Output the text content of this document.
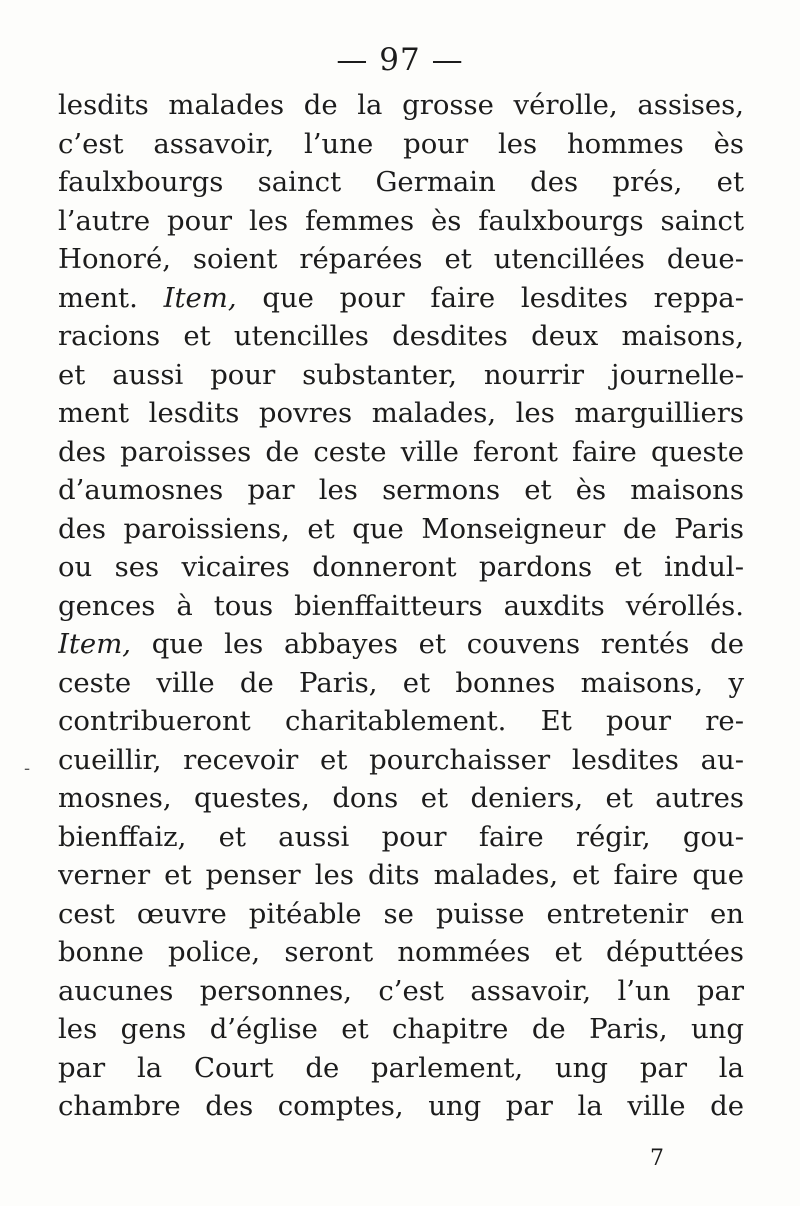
— 97 —
-
lesdits malades de la grosse vérolle, assises,
c’est assavoir, l’une pour les hommes ès
faulxbourgs sainct Germain des prés, et
l’autre pour les femmes ès faulxbourgs sainct
Honoré, soient réparées et utencillées deue-
ment. Item, que pour faire lesdites reppa-
racions et utencilles desdites deux maisons,
et aussi pour substanter, nourrir journelle-
ment lesdits povres malades, les marguilliers
des paroisses de ceste ville feront faire queste
d’aumosnes par les sermons et ès maisons
des paroissiens, et que Monseigneur de Paris
ou ses vicaires donneront pardons et indul-
gences à tous bienffaitteurs auxdits vérollés.
Item, que les abbayes et couvens rentés de
ceste ville de Paris, et bonnes maisons, y
contribueront charitablement. Et pour re-
cueillir, recevoir et pourchaisser lesdites au-
mosnes, questes, dons et deniers, et autres
bienffaiz, et aussi pour faire régir, gou-
verner et penser les dits malades, et faire que
cest œuvre pitéable se puisse entretenir en
bonne police, seront nommées et députtées
aucunes personnes, c’est assavoir, l’un par
les gens d’église et chapitre de Paris, ung
par la Court de parlement, ung par la
chambre des comptes, ung par la ville de
7
